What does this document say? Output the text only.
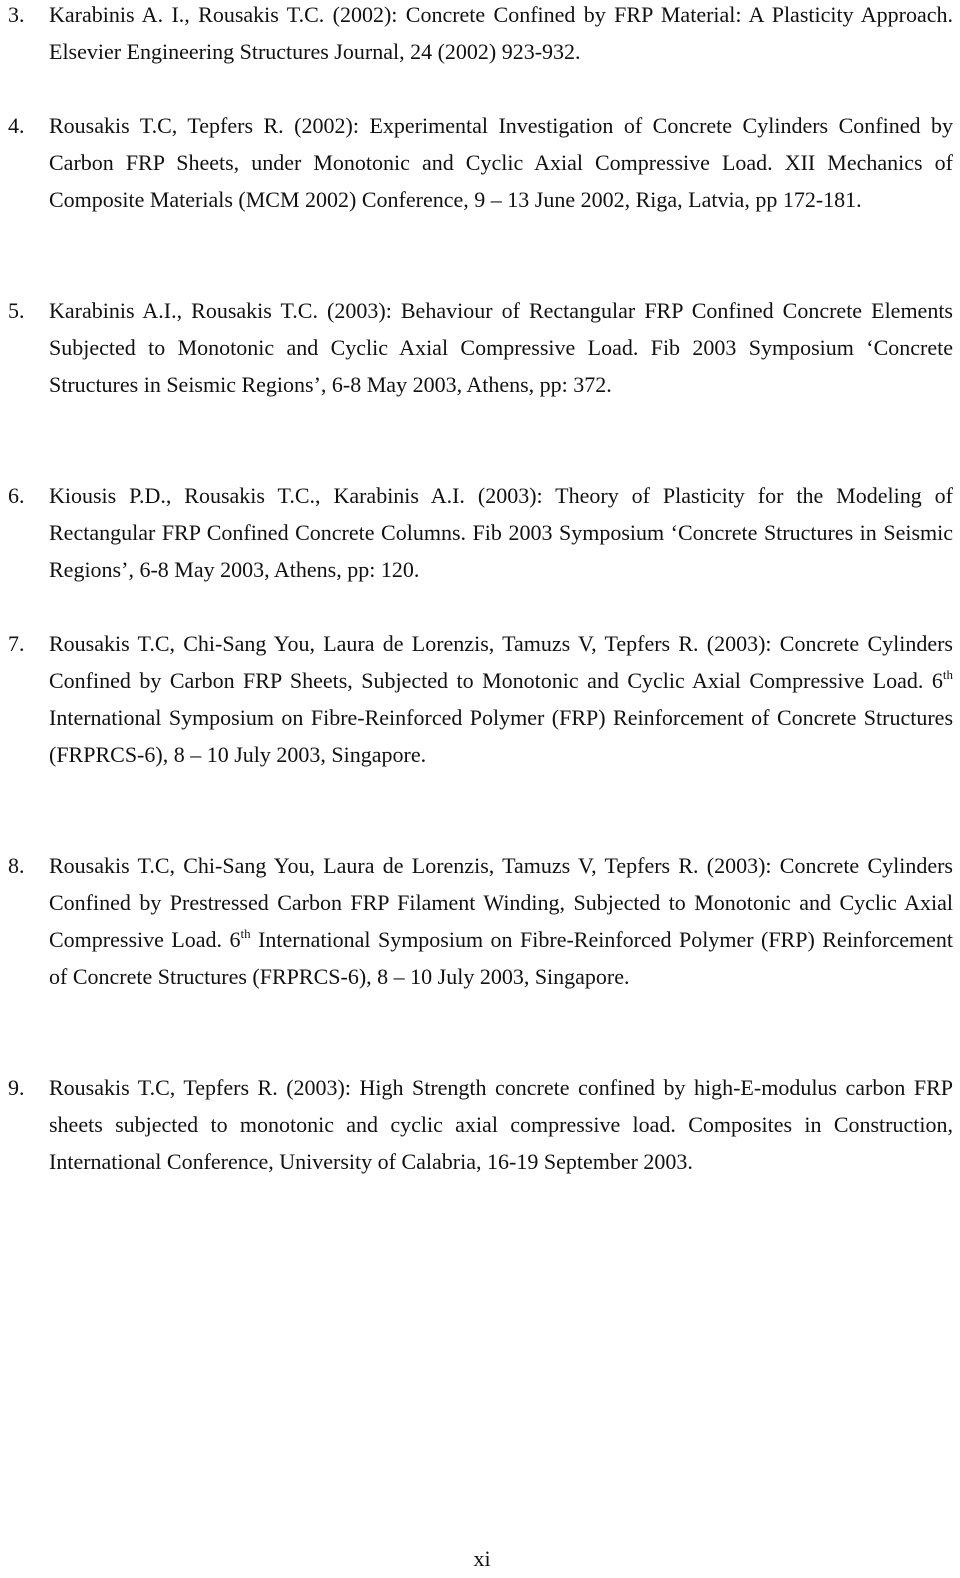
3. Karabinis A. I., Rousakis T.C. (2002): Concrete Confined by FRP Material: A Plasticity Approach. Elsevier Engineering Structures Journal, 24 (2002) 923-932.
4. Rousakis T.C, Tepfers R. (2002): Experimental Investigation of Concrete Cylinders Confined by Carbon FRP Sheets, under Monotonic and Cyclic Axial Compressive Load. XII Mechanics of Composite Materials (MCM 2002) Conference, 9 – 13 June 2002, Riga, Latvia, pp 172-181.
5. Karabinis A.I., Rousakis T.C. (2003): Behaviour of Rectangular FRP Confined Concrete Elements Subjected to Monotonic and Cyclic Axial Compressive Load. Fib 2003 Symposium ‘Concrete Structures in Seismic Regions’, 6-8 May 2003, Athens, pp: 372.
6. Kiousis P.D., Rousakis T.C., Karabinis A.I. (2003): Theory of Plasticity for the Modeling of Rectangular FRP Confined Concrete Columns. Fib 2003 Symposium ‘Concrete Structures in Seismic Regions’, 6-8 May 2003, Athens, pp: 120.
7. Rousakis T.C, Chi-Sang You, Laura de Lorenzis, Tamuzs V, Tepfers R. (2003): Concrete Cylinders Confined by Carbon FRP Sheets, Subjected to Monotonic and Cyclic Axial Compressive Load. 6th International Symposium on Fibre-Reinforced Polymer (FRP) Reinforcement of Concrete Structures (FRPRCS-6), 8 – 10 July 2003, Singapore.
8. Rousakis T.C, Chi-Sang You, Laura de Lorenzis, Tamuzs V, Tepfers R. (2003): Concrete Cylinders Confined by Prestressed Carbon FRP Filament Winding, Subjected to Monotonic and Cyclic Axial Compressive Load. 6th International Symposium on Fibre-Reinforced Polymer (FRP) Reinforcement of Concrete Structures (FRPRCS-6), 8 – 10 July 2003, Singapore.
9. Rousakis T.C, Tepfers R. (2003): High Strength concrete confined by high-E-modulus carbon FRP sheets subjected to monotonic and cyclic axial compressive load. Composites in Construction, International Conference, University of Calabria, 16-19 September 2003.
xi
